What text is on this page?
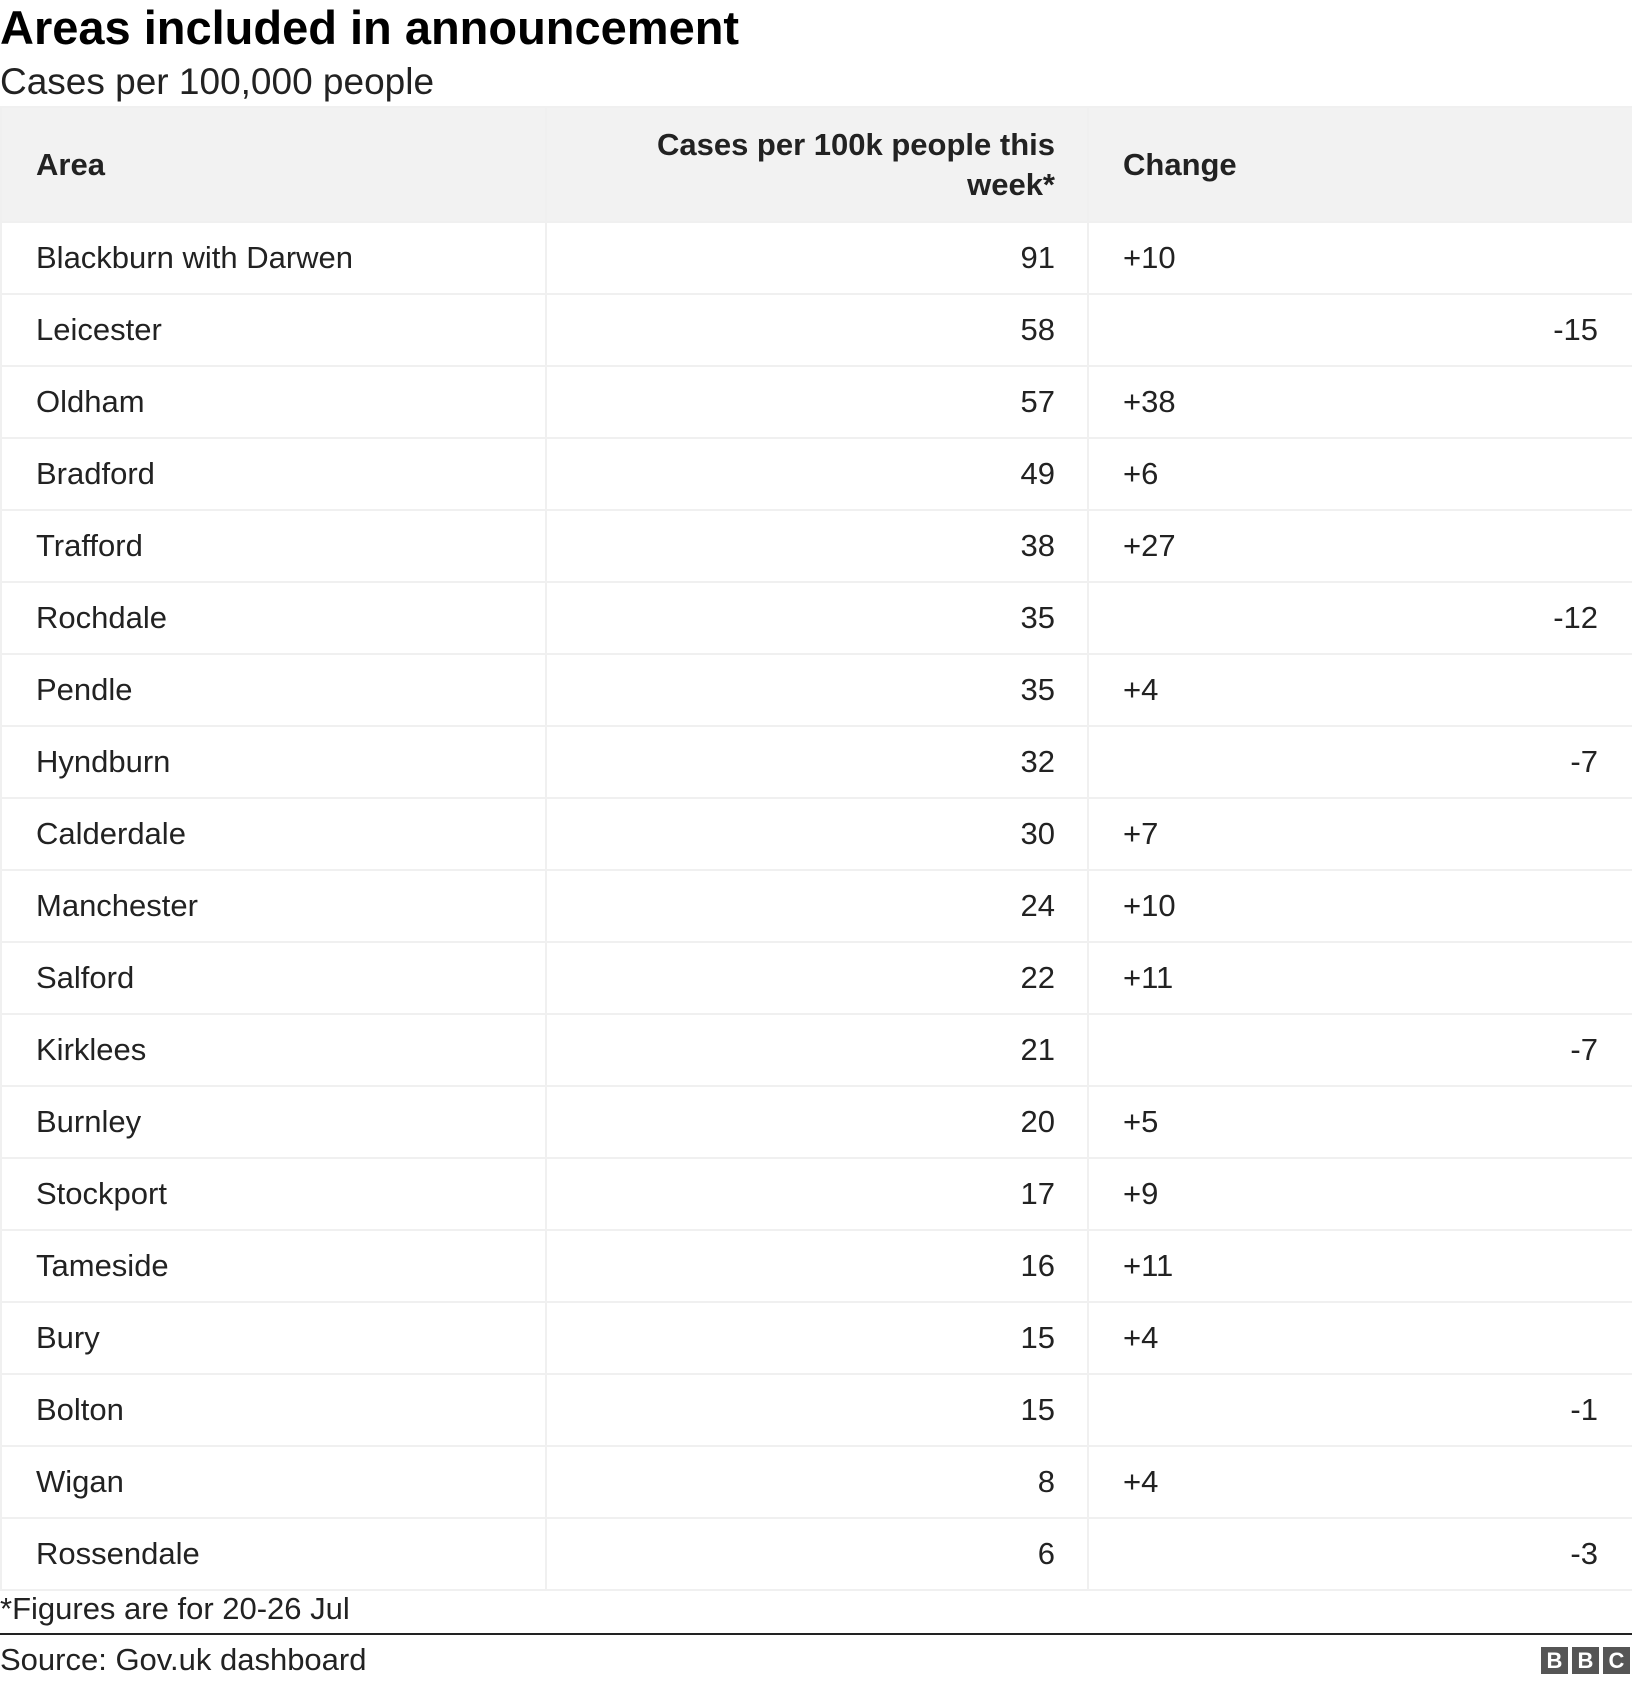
Areas included in announcement
Cases per 100,000 people
Area	Cases per 100k people this week*	Change
Blackburn with Darwen	91	+10

Leicester	58	-15

Oldham	57	+38

Bradford	49	+6

Trafford	38	+27

Rochdale	35	-12

Pendle	35	+4

Hyndburn	32	-7

Calderdale	30	+7

Manchester	24	+10

Salford	22	+11

Kirklees	21	-7

Burnley	20	+5

Stockport	17	+9

Tameside	16	+11

Bury	15	+4

Bolton	15	-1

Wigan	8	+4

Rossendale	6	-3
*Figures are for 20-26 Jul
Source: Gov.uk dashboard	B B C
